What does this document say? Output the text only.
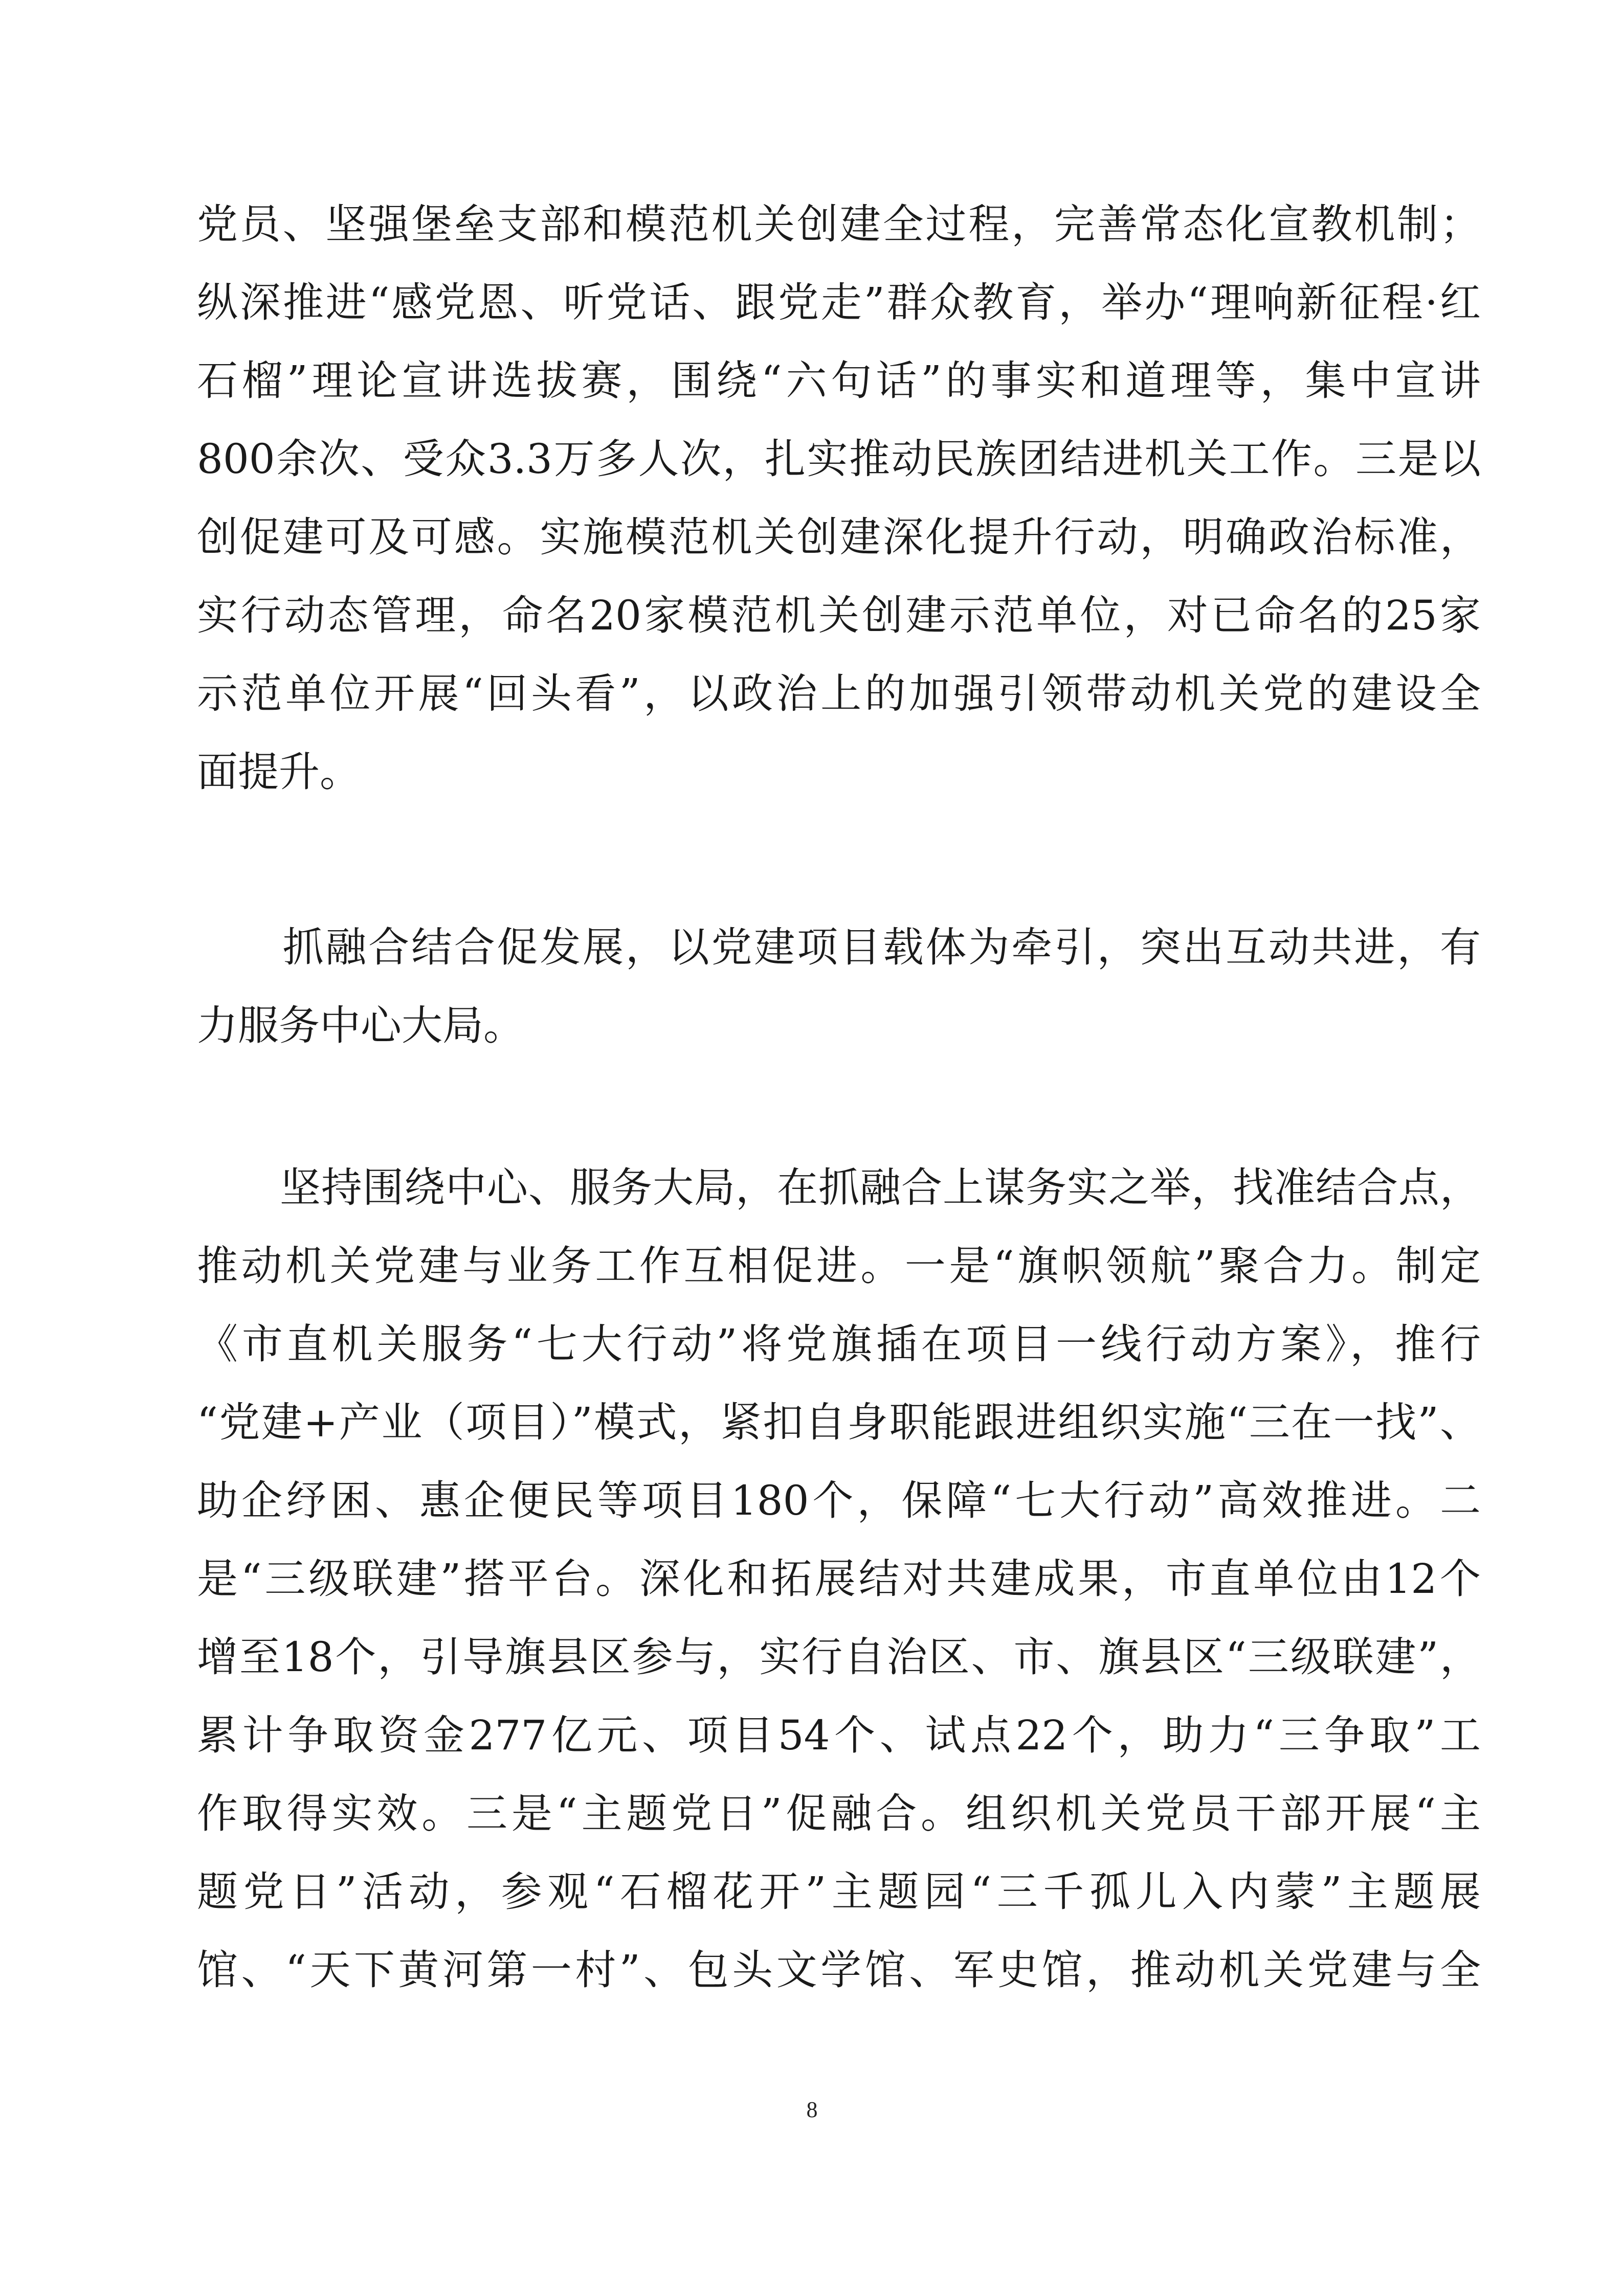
党员、坚强堡垒支部和模范机关创建全过程，完善常态化宣教机制；
纵深推进“感党恩、听党话、跟党走”群众教育，举办“理响新征程·红
石榴”理论宣讲选拔赛，围绕“六句话”的事实和道理等，集中宣讲
800余次、受众3.3万多人次，扎实推动民族团结进机关工作。三是以
创促建可及可感。实施模范机关创建深化提升行动，明确政治标准，
实行动态管理，命名20家模范机关创建示范单位，对已命名的25家
示范单位开展“回头看”，以政治上的加强引领带动机关党的建设全
面提升。
　　抓融合结合促发展，以党建项目载体为牵引，突出互动共进，有
力服务中心大局。
　　坚持围绕中心、服务大局，在抓融合上谋务实之举，找准结合点，
推动机关党建与业务工作互相促进。一是“旗帜领航”聚合力。制定
《市直机关服务“七大行动”将党旗插在项目一线行动方案》，推行
“党建+产业（项目）”模式，紧扣自身职能跟进组织实施“三在一找”、
助企纾困、惠企便民等项目180个，保障“七大行动”高效推进。二
是“三级联建”搭平台。深化和拓展结对共建成果，市直单位由12个
增至18个，引导旗县区参与，实行自治区、市、旗县区“三级联建”，
累计争取资金277亿元、项目54个、试点22个，助力“三争取”工
作取得实效。三是“主题党日”促融合。组织机关党员干部开展“主
题党日”活动，参观“石榴花开”主题园“三千孤儿入内蒙”主题展
馆、“天下黄河第一村”、包头文学馆、军史馆，推动机关党建与全
8
